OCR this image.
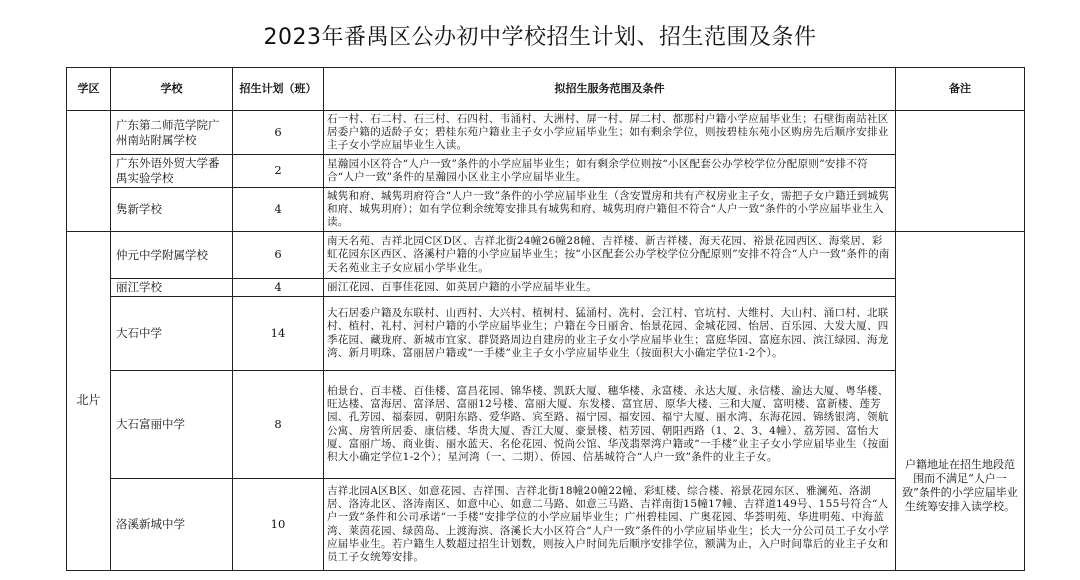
2023年番禺区公办初中学校招生计划、招生范围及条件
学区	学校	招生计划（班）	拟招生服务范围及条件	备注
	广东第二师范学院广州南站附属学校	6	石一村、石二村、石三村、石四村、韦涌村、大洲村、屏一村、屏二村、都那村户籍小学应届毕业生；石壁街南站社区居委户籍的适龄子女；碧桂东苑户籍业主子女小学应届毕业生；如有剩余学位，则按碧桂东苑小区购房先后顺序安排业主子女小学应届毕业生入读。	
	广东外语外贸大学番禺实验学校	2	星瀚园小区符合“人户一致”条件的小学应届毕业生；如有剩余学位则按“小区配套公办学校学位分配原则”安排不符合“人户一致”条件的星瀚园小区业主小学应届毕业生。	
	隽新学校	4	城隽和府、城隽玥府符合“人户一致”条件的小学应届毕业生（含安置房和共有产权房业主子女，需把子女户籍迁到城隽和府、城隽玥府）；如有学位剩余统筹安排具有城隽和府、城隽玥府户籍但不符合“人户一致”条件的小学应届毕业生入读。	
北片	仲元中学附属学校	6	南天名苑、吉祥北园C区D区、吉祥北街24幢26幢28幢、吉祥楼、新吉祥楼、海天花园、裕景花园西区、海棠居、彩虹花园东区西区、洛溪村户籍的小学应届毕业生；按“小区配套公办学校学位分配原则”安排不符合“人户一致”条件的南天名苑业主子女应届小学毕业生。	户籍地址在招生地段范围而不满足“人户一致”条件的小学应届毕业生统筹安排入读学校。

	丽江学校	4	丽江花园、百事佳花园、如英居户籍的小学应届毕业生。	
	大石中学	14	大石居委户籍及东联村、山西村、大兴村、植树村、猛涌村、冼村、会江村、官坑村、大维村、大山村、涌口村、北联村、植村、礼村、河村户籍的小学应届毕业生；户籍在今日丽舍、怡景花园、金城花园、怡居、百乐园、大发大厦、四季花园、藏珑府、新城市宜家、群贤路周边自建房的业主子女小学应届毕业生；富庭华园、富庭东园、滨江绿园、海龙湾、新月明珠、富丽居户籍或“一手楼”业主子女小学应届毕业生（按面积大小确定学位1-2个）。	
	大石富丽中学	8	柏景台、百丰楼、百佳楼、富昌花园、锦华楼、凯跃大厦、穗华楼、永富楼、永达大厦、永信楼、渝达大厦、粤华楼、旺达楼、富海居、富泽居、富丽12号楼、富丽大厦、东发楼、富宜居、原华大楼、三和大厦、富明楼、富新楼、莲芳园、孔芳园、福泰园、朝阳东路、爱华路、宾至路、福宁园、福安园、福宁大厦、丽水湾、东海花园、锦绣银湾、领航公寓、房管所居委、康信楼、华贵大厦、香江大厦、豪景楼、桔芳园、朝阳西路（1、2、3、4幢）、荔芳园、富怡大厦、富丽广场、商业街、丽水蓝天、名伦花园、悦尚公馆、华茂翡翠湾户籍或“一手楼”业主子女小学应届毕业生（按面积大小确定学位1-2个）；星河湾（一、二期）、侨园、信基城符合“人户一致”条件的业主子女。	
	洛溪新城中学	10	吉祥北园A区B区、如意花园、吉祥围、吉祥北街18幢20幢22幢、彩虹楼、综合楼、裕景花园东区、雅澜苑、洛湖居、洛涛北区、洛涛南区、如意中心、如意二马路、如意三马路、吉祥南街15幢17幢、吉祥道149号、155号符合“人户一致”条件和公司承诺“一手楼”安排学位的小学应届毕业生；广州碧桂园、广奥花园、华荟明苑、华进明苑、中海蓝湾、莱茵花园、绿茵岛、上渡海滨、洛溪长大小区符合“人户一致”条件的小学应届毕业生；长大一分公司员工子女小学应届毕业生。若户籍生人数超过招生计划数，则按入户时间先后顺序安排学位，额满为止，入户时间靠后的业主子女和员工子女统筹安排。	
